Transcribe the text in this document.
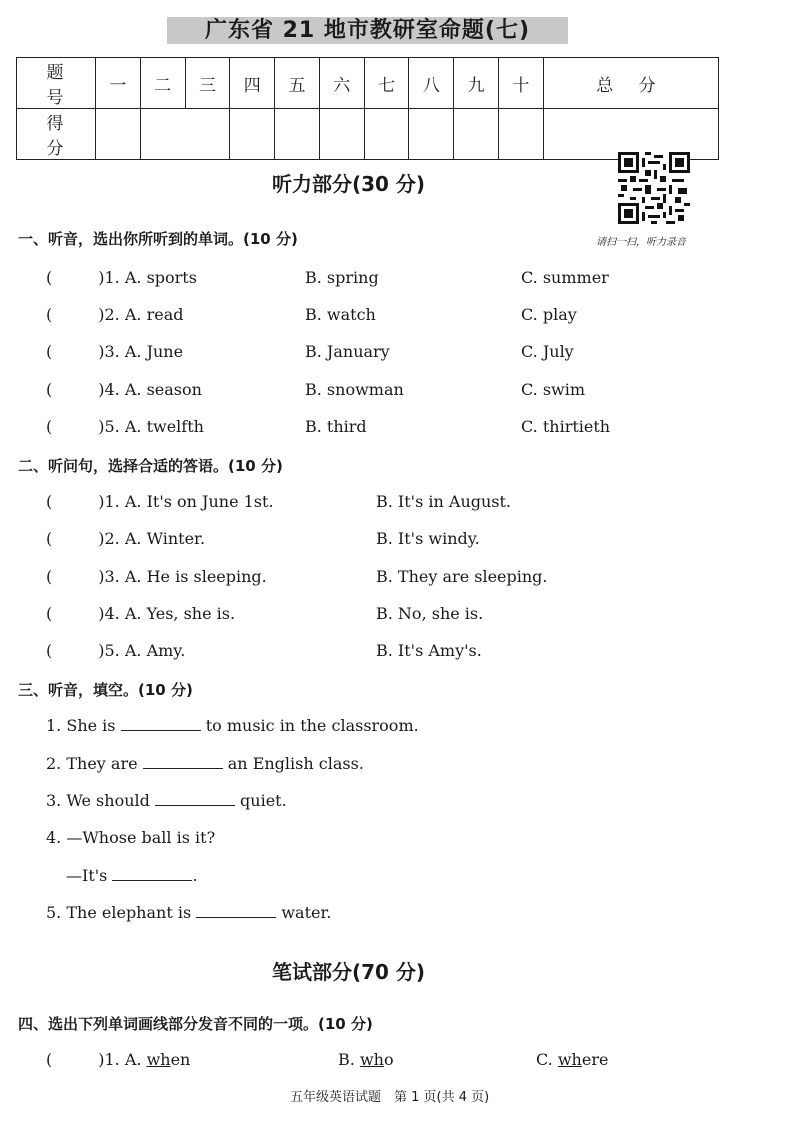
广东省 21 地市教研室命题(七)
题 号	一	二	三	四	五	六	七	八	九	十	总 分
得 分											
听力部分(30 分)
请扫一扫，听力录音
一、听音，选出你所听到的单词。(10 分)
(	)1. A. sports	B. spring	C. summer
(	)2. A. read	B. watch	C. play
(	)3. A. June	B. January	C. July
(	)4. A. season	B. snowman	C. swim
(	)5. A. twelfth	B. third	C. thirtieth
二、听问句，选择合适的答语。(10 分)
(	)1. A. It's on June 1st.	B. It's in August.
(	)2. A. Winter.	B. It's windy.
(	)3. A. He is sleeping.	B. They are sleeping.
(	)4. A. Yes, she is.	B. No, she is.
(	)5. A. Amy.	B. It's Amy's.
三、听音，填空。(10 分)
1. She is	to music in the classroom.
2. They are	an English class.
3. We should	quiet.
4. —Whose ball is it?
—It's	.
5. The elephant is	water.
笔试部分(70 分)
四、选出下列单词画线部分发音不同的一项。(10 分)
(	)1. A. when	B. who	C. where
五年级英语试题　第 1 页(共 4 页)
